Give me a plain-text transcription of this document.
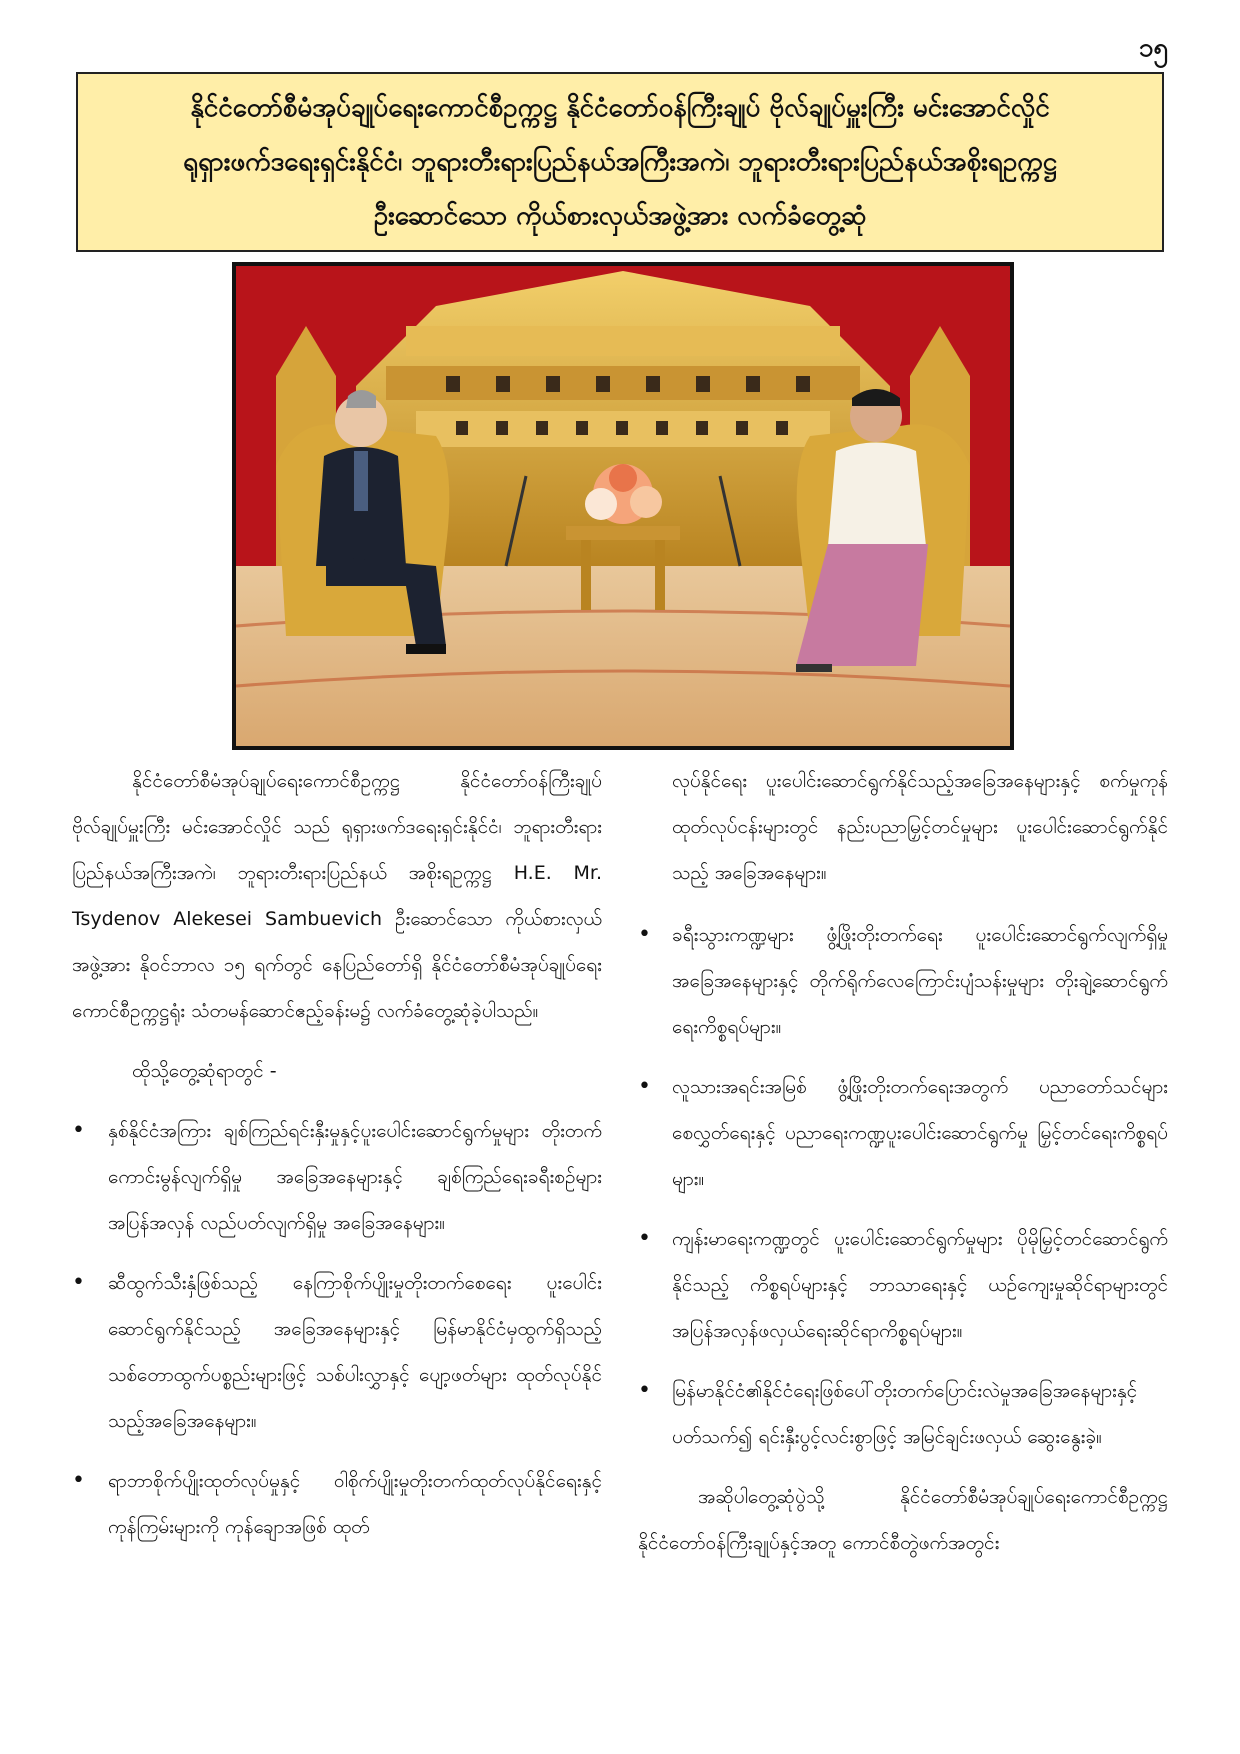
၁၅
နိုင်ငံတော်စီမံအုပ်ချုပ်ရေးကောင်စီဥက္ကဋ္ဌ နိုင်ငံတော်ဝန်ကြီးချုပ် ဗိုလ်ချုပ်မှူးကြီး မင်းအောင်လှိုင်
ရုရှားဖက်ဒရေးရှင်းနိုင်ငံ၊ ဘူရားတီးရားပြည်နယ်အကြီးအကဲ၊ ဘူရားတီးရားပြည်နယ်အစိုးရဥက္ကဋ္ဌ
ဦးဆောင်သော ကိုယ်စားလှယ်အဖွဲ့အား လက်ခံတွေ့ဆုံ

နိုင်ငံတော်စီမံအုပ်ချုပ်ရေးကောင်စီဥက္ကဋ္ဌ နိုင်ငံတော်ဝန်ကြီးချုပ် ဗိုလ်ချုပ်မှူးကြီး မင်းအောင်လှိုင် သည် ရုရှားဖက်ဒရေးရှင်းနိုင်ငံ၊ ဘူရားတီးရားပြည်နယ်အကြီးအကဲ၊ ဘူရားတီးရားပြည်နယ် အစိုးရဥက္ကဋ္ဌ H.E. Mr. Tsydenov Alekesei Sambuevich ဦးဆောင်သော ကိုယ်စားလှယ်အဖွဲ့အား နိုဝင်ဘာလ ၁၅ ရက်တွင် နေပြည်တော်ရှိ နိုင်ငံတော်စီမံအုပ်ချုပ်ရေးကောင်စီဥက္ကဋ္ဌရုံး သံတမန်ဆောင်ဧည့်ခန်းမ၌ လက်ခံတွေ့ဆုံခဲ့ပါသည်။

ထိုသို့တွေ့ဆုံရာတွင် -

• နှစ်နိုင်ငံအကြား ချစ်ကြည်ရင်းနှီးမှုနှင့်ပူးပေါင်းဆောင်ရွက်မှုများ တိုးတက်ကောင်းမွန်လျက်ရှိမှု အခြေအနေများနှင့် ချစ်ကြည်ရေးခရီးစဉ်များ အပြန်အလှန် လည်ပတ်လျက်ရှိမှု အခြေအနေများ။

• ဆီထွက်သီးနှံဖြစ်သည့် နေကြာစိုက်ပျိုးမှုတိုးတက်စေရေး ပူးပေါင်းဆောင်ရွက်နိုင်သည့် အခြေအနေများနှင့် မြန်မာနိုင်ငံမှထွက်ရှိသည့် သစ်တောထွက်ပစ္စည်းများဖြင့် သစ်ပါးလွှာနှင့် ပျော့ဖတ်များ ထုတ်လုပ်နိုင်သည့်အခြေအနေများ။

• ရာဘာစိုက်ပျိုးထုတ်လုပ်မှုနှင့် ဝါစိုက်ပျိုးမှုတိုးတက်ထုတ်လုပ်နိုင်ရေးနှင့် ကုန်ကြမ်းများကို ကုန်ချောအဖြစ် ထုတ်

လုပ်နိုင်ရေး ပူးပေါင်းဆောင်ရွက်နိုင်သည့်အခြေအနေများနှင့် စက်မှုကုန်ထုတ်လုပ်ငန်းများတွင် နည်းပညာမြှင့်တင်မှုများ ပူးပေါင်းဆောင်ရွက်နိုင်သည့် အခြေအနေများ။

• ခရီးသွားကဏ္ဍများ ဖွံ့ဖြိုးတိုးတက်ရေး ပူးပေါင်းဆောင်ရွက်လျက်ရှိမှုအခြေအနေများနှင့် တိုက်ရိုက်လေကြောင်းပျံသန်းမှုများ တိုးချဲ့ဆောင်ရွက်ရေးကိစ္စရပ်များ။

• လူသားအရင်းအမြစ် ဖွံ့ဖြိုးတိုးတက်ရေးအတွက် ပညာတော်သင်များစေလွှတ်ရေးနှင့် ပညာရေးကဏ္ဍပူးပေါင်းဆောင်ရွက်မှု မြှင့်တင်ရေးကိစ္စရပ်များ။

• ကျန်းမာရေးကဏ္ဍတွင် ပူးပေါင်းဆောင်ရွက်မှုများ ပိုမိုမြှင့်တင်ဆောင်ရွက်နိုင်သည့် ကိစ္စရပ်များနှင့် ဘာသာရေးနှင့် ယဉ်ကျေးမှုဆိုင်ရာများတွင် အပြန်အလှန်ဖလှယ်ရေးဆိုင်ရာကိစ္စရပ်များ။

• မြန်မာနိုင်ငံ၏နိုင်ငံရေးဖြစ်ပေါ်တိုးတက်ပြောင်းလဲမှုအခြေအနေများနှင့်ပတ်သက်၍ ရင်းနှီးပွင့်လင်းစွာဖြင့် အမြင်ချင်းဖလှယ် ဆွေးနွေးခဲ့။

အဆိုပါတွေ့ဆုံပွဲသို့ နိုင်ငံတော်စီမံအုပ်ချုပ်ရေးကောင်စီဥက္ကဋ္ဌ နိုင်ငံတော်ဝန်ကြီးချုပ်နှင့်အတူ ကောင်စီတွဲဖက်အတွင်း
